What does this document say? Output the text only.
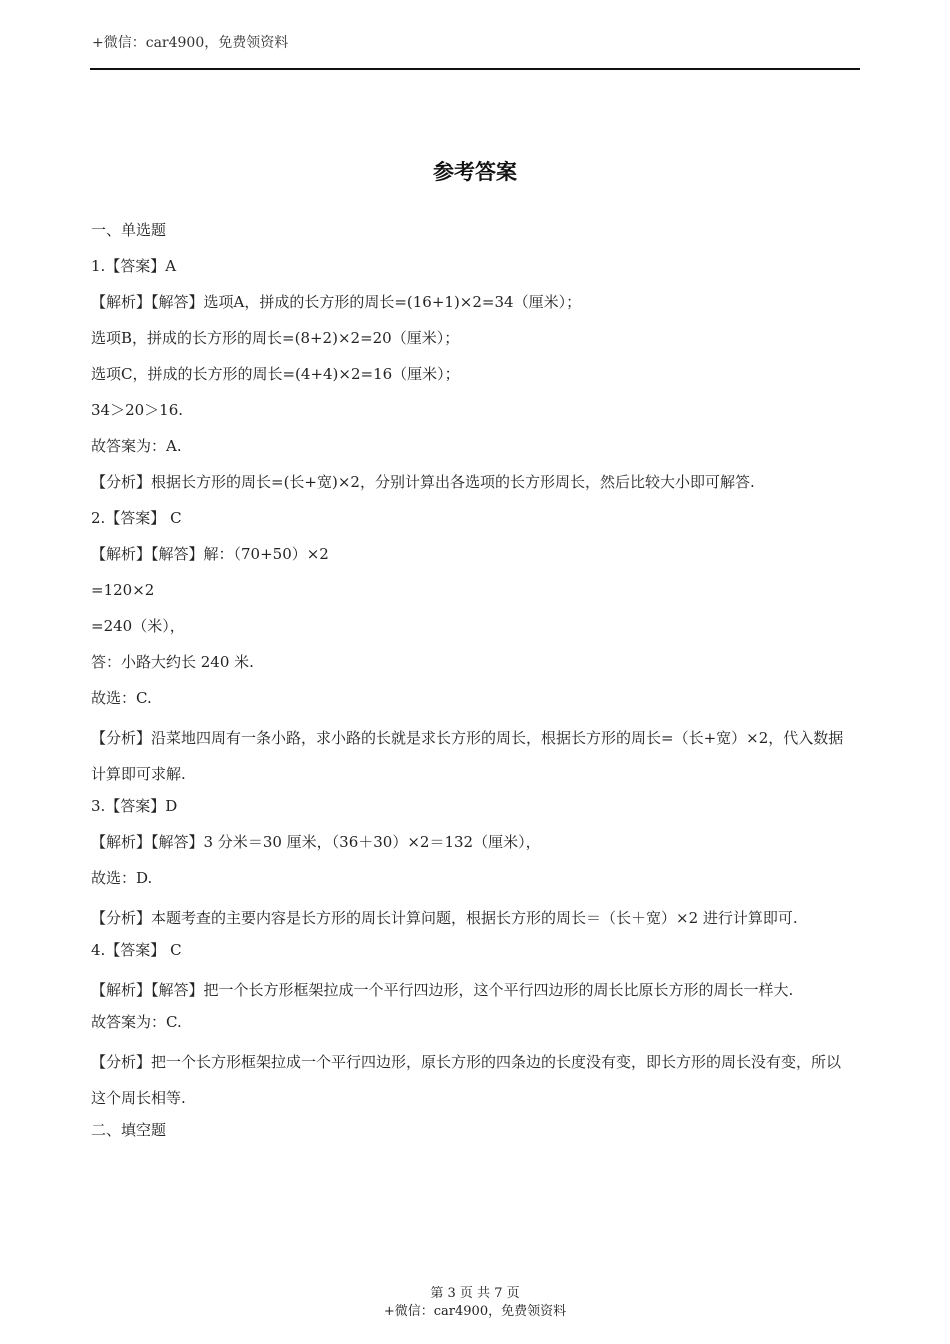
+微信：car4900，免费领资料
参考答案
一、单选题
1.【答案】A
【解析】【解答】选项A，拼成的长方形的周长=(16+1)×2=34（厘米）；
选项B，拼成的长方形的周长=(8+2)×2=20（厘米）；
选项C，拼成的长方形的周长=(4+4)×2=16（厘米）；
34＞20＞16.
故答案为：A.
【分析】根据长方形的周长=(长+宽)×2，分别计算出各选项的长方形周长，然后比较大小即可解答.
2.【答案】 C
【解析】【解答】解：（70+50）×2
=120×2
=240（米），
答：小路大约长 240 米.
故选：C.
【分析】沿菜地四周有一条小路，求小路的长就是求长方形的周长，根据长方形的周长=（长+宽）×2，代入数据计算即可求解.
3.【答案】D
【解析】【解答】3 分米＝30 厘米，（36＋30）×2＝132（厘米），
故选：D.
【分析】本题考查的主要内容是长方形的周长计算问题，根据长方形的周长＝（长＋宽）×2 进行计算即可.
4.【答案】 C
【解析】【解答】把一个长方形框架拉成一个平行四边形，这个平行四边形的周长比原长方形的周长一样大.
故答案为：C.
【分析】把一个长方形框架拉成一个平行四边形，原长方形的四条边的长度没有变，即长方形的周长没有变，所以这个周长相等.
二、填空题
第 3 页 共 7 页
+微信：car4900，免费领资料
